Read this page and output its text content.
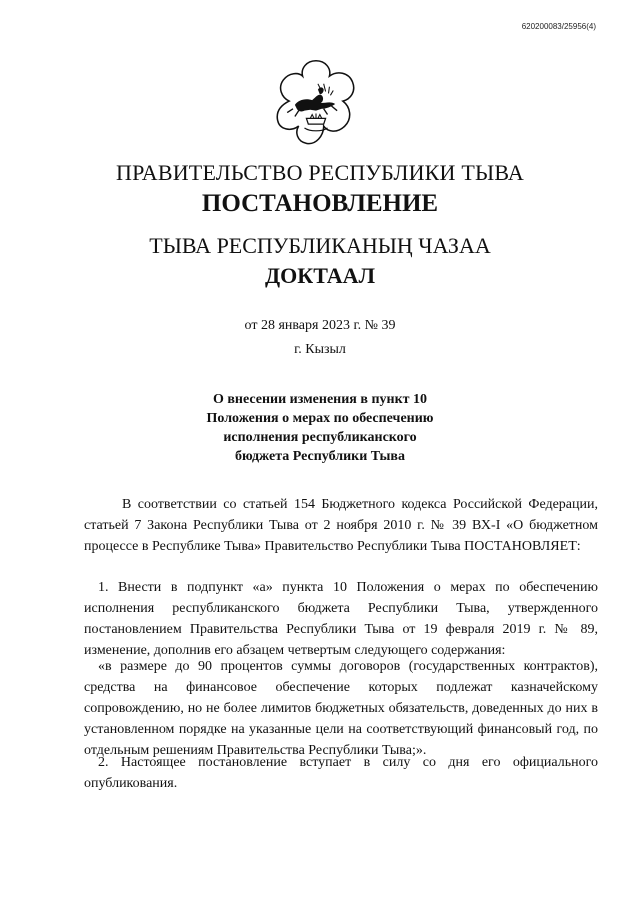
620200083/25956(4)
ПРАВИТЕЛЬСТВО РЕСПУБЛИКИ ТЫВА
ПОСТАНОВЛЕНИЕ
ТЫВА РЕСПУБЛИКАНЫҢ ЧАЗАА
ДОКТААЛ
от 28 января 2023 г. № 39
г. Кызыл
О внесении изменения в пункт 10
Положения о мерах по обеспечению
исполнения республиканского
бюджета Республики Тыва
В соответствии со статьей 154 Бюджетного кодекса Российской Федерации, статьей 7 Закона Республики Тыва от 2 ноября 2010 г. № 39 ВХ-I «О бюджетном процессе в Республике Тыва» Правительство Республики Тыва ПОСТАНОВЛЯЕТ:
1. Внести в подпункт «а» пункта 10 Положения о мерах по обеспечению исполнения республиканского бюджета Республики Тыва, утвержденного постановлением Правительства Республики Тыва от 19 февраля 2019 г. № 89, изменение, дополнив его абзацем четвертым следующего содержания:
«в размере до 90 процентов суммы договоров (государственных контрактов), средства на финансовое обеспечение которых подлежат казначейскому сопровождению, но не более лимитов бюджетных обязательств, доведенных до них в установленном порядке на указанные цели на соответствующий финансовый год, по отдельным решениям Правительства Республики Тыва;».
2. Настоящее постановление вступает в силу со дня его официального опубликования.
